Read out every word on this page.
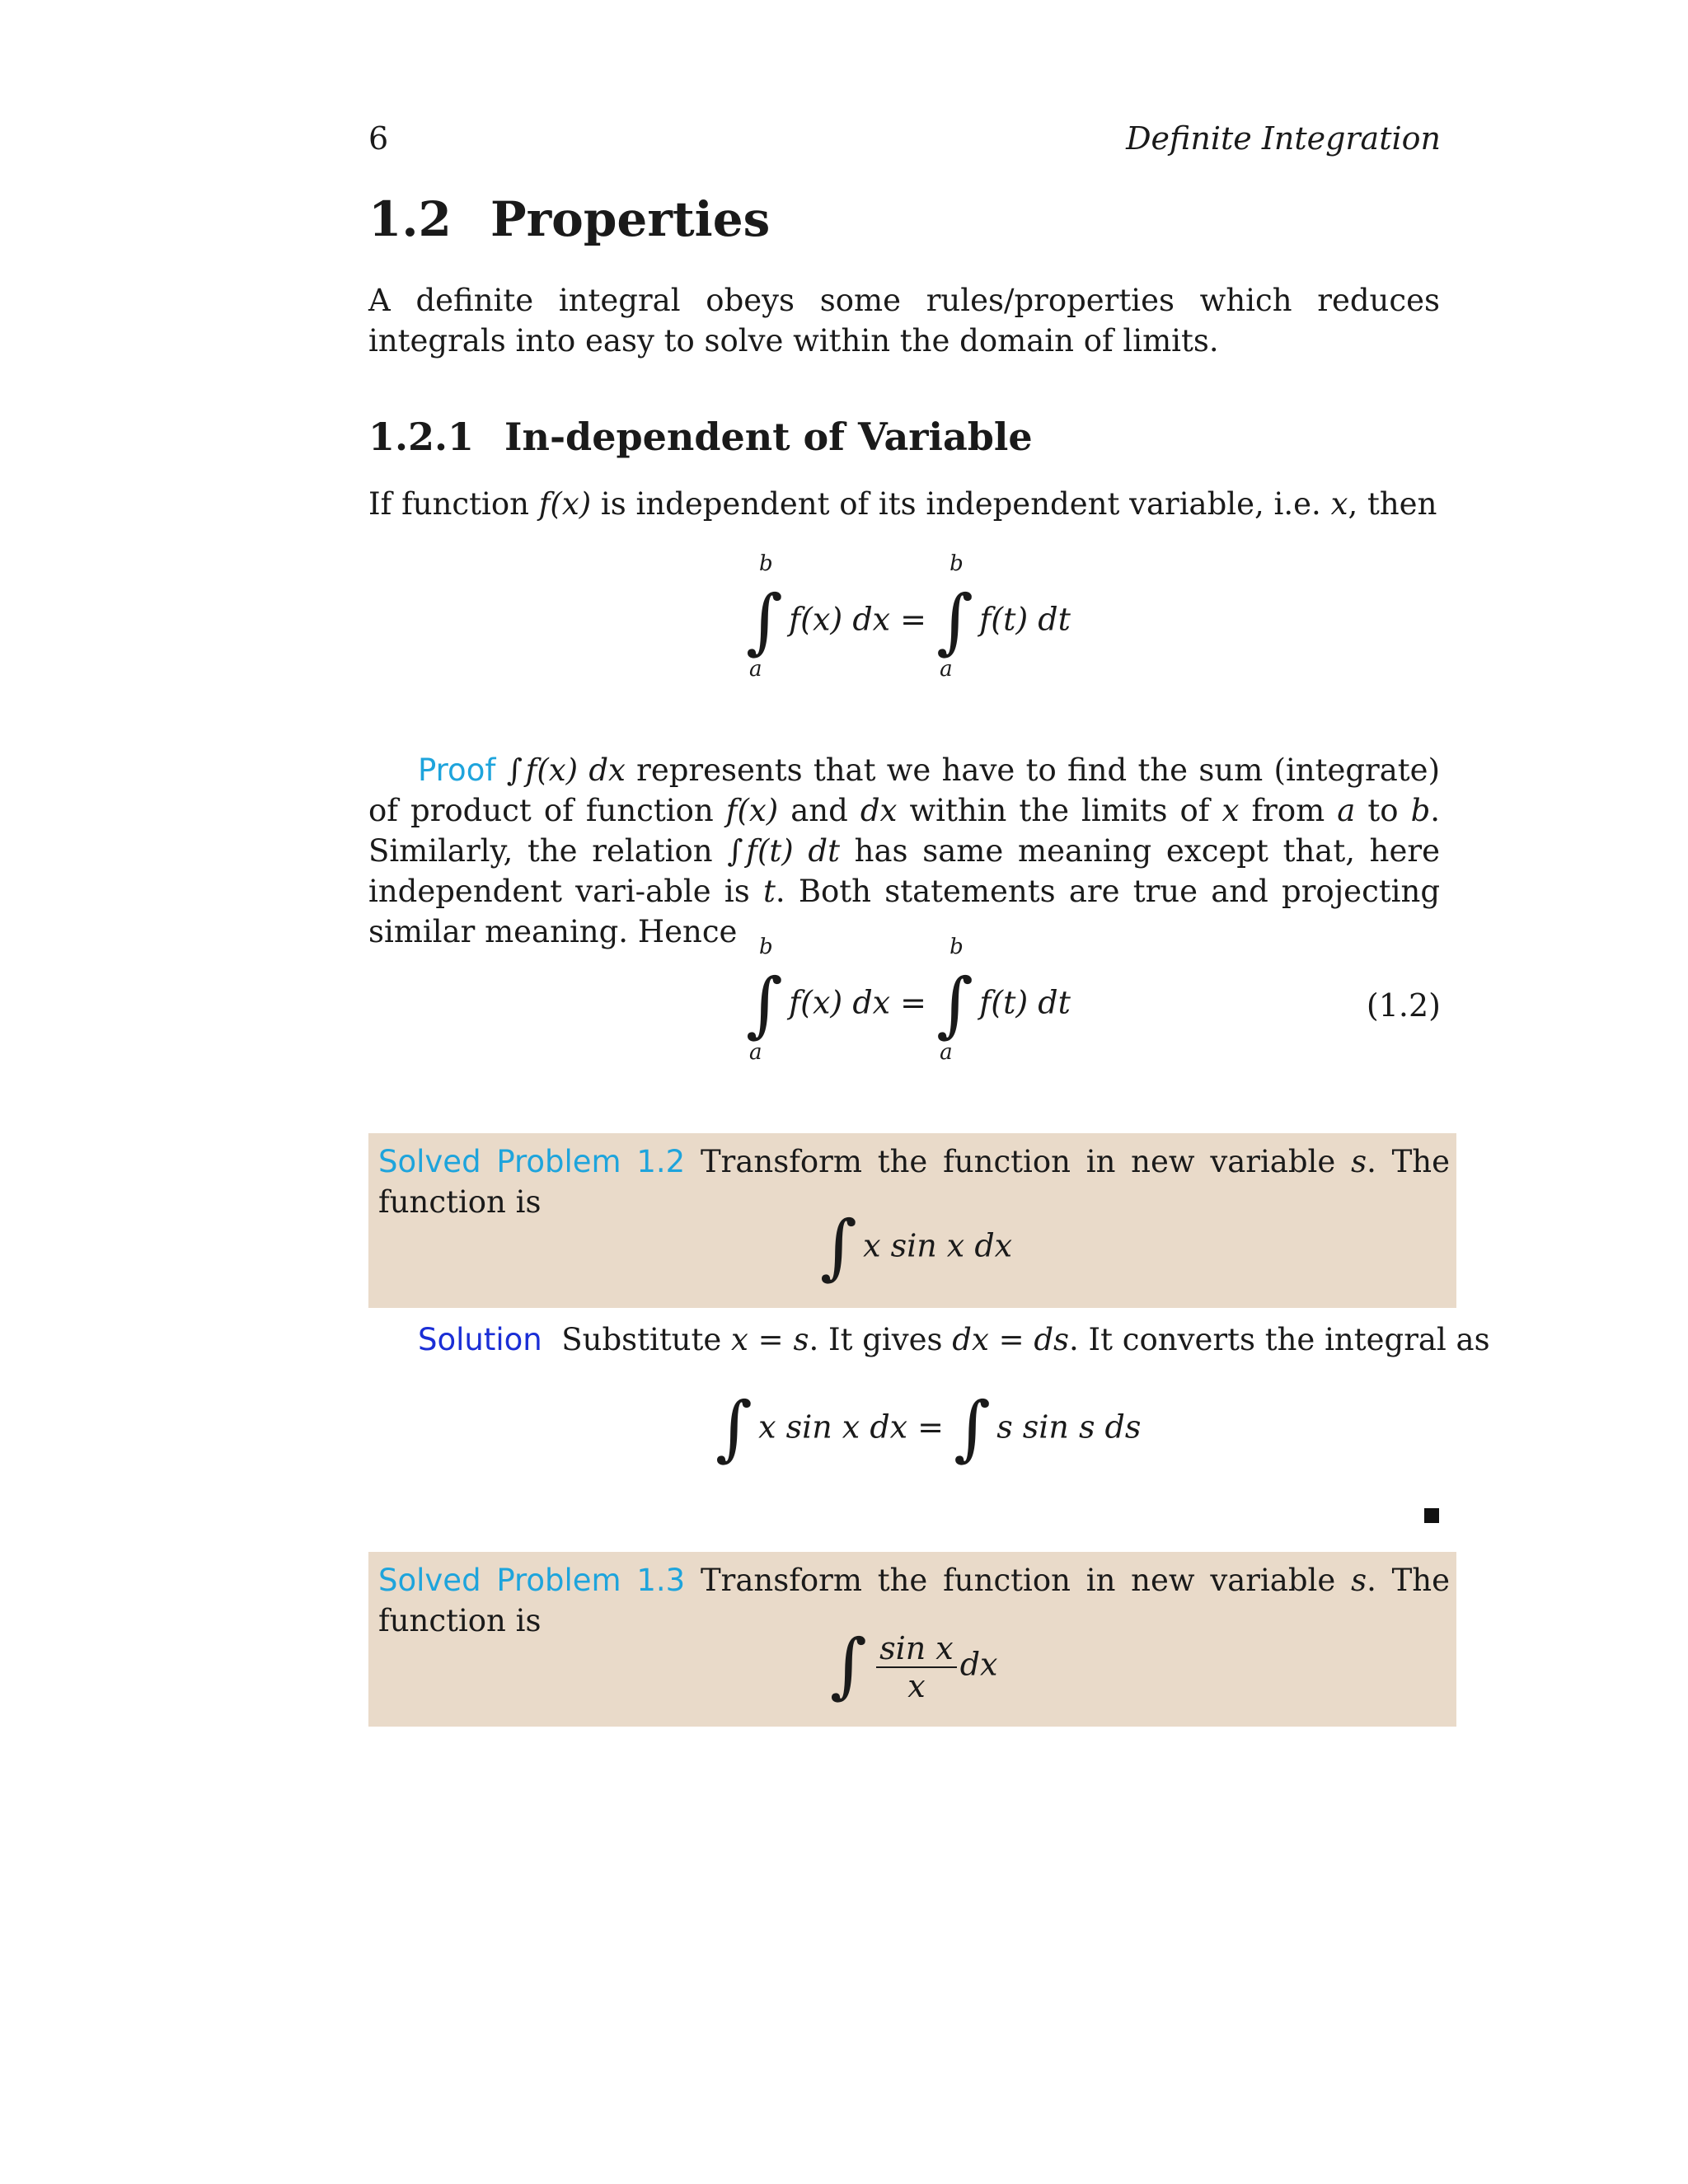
6	Definite Integration
1.2 Properties
A definite integral obeys some rules/properties which reduces integrals into easy to solve within the domain of limits.
1.2.1 In-dependent of Variable
If function f(x) is independent of its independent variable, i.e. x, then
∫
b
a
f(x) dx = ∫
b
a
f(t) dt
Proof ∫ f(x) dx represents that we have to find the sum (integrate) of product of function f(x) and dx within the limits of x from a to b. Similarly, the relation ∫ f(t) dt has same meaning except that, here independent vari-able is t. Both statements are true and projecting similar meaning. Hence
∫
b
a
f(x) dx = ∫
b
a
f(t) dt	(1.2)
Solved Problem 1.2 Transform the function in new variable s. The function is
∫ x sin x dx
Solution Substitute x = s. It gives dx = ds. It converts the integral as
∫ x sin x dx = ∫ s sin s ds
Solved Problem 1.3 Transform the function in new variable s. The function is
∫
$\frac{\text{sin x}}{x}$ dx
